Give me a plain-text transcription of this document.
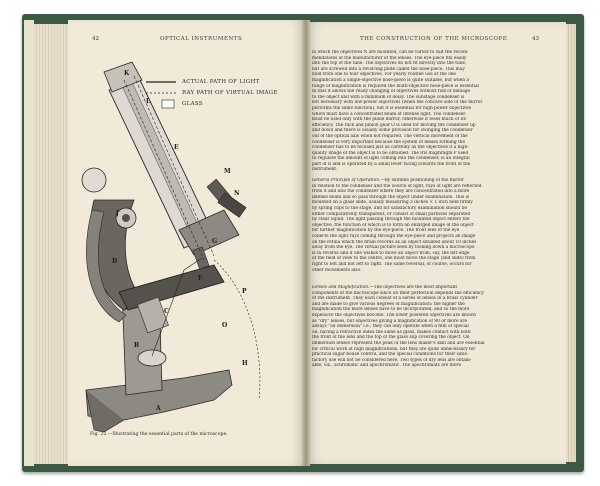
42	OPTICAL INSTRUMENTS
ACTUAL PATH OF LIGHT
RAY PATH OF VIRTUAL IMAGE
GLASS
K
L
E
J
D
M
N
G
F
P
C
B
O
H
A
Fig. 22.—Illustrating the essential parts of the microscope.
THE CONSTRUCTION OF THE MICROSCOPE	43
in which the objectives N are mounted, can be varied to suit the recom-
mendations of the manufacturer of the lenses. The eye-piece fits easily
into the top of the tube. The objectives do not fit directly into the tube,
but are screwed into a revolving plate called the nose-piece. This may
hold from one to four objectives. For yearly routine use at the one
magnification a single-objective nose-piece is quite suitable, but when a
range of magnification is required the multi-objective nose-piece is essential
in that it allows the ready changing of objectives without risk of damage
to the object and with a minimum of delay. The substage condenser is
not necessary with low-power objectives (when the concave side of the mirror
performs the same function), but it is essential for high-power objectives
which must have a concentrated beam of intense light. The condenser
must be used only with the plane mirror, otherwise it loses much of its
efficiency. The rack and pinion gear O is used for moving the condenser up
and down and there is usually some provision for swinging the condenser
out of the optical axis when not required. The vertical movement of the
condenser is very important because the system of lenses forming the
condenser has to be focused just as carefully as the objectives if a high-
quality image of the object is to be obtained. The iris diaphragm P used
to regulate the amount of light coming into the condenser, is an integral
part of it and is operated by a small lever facing towards the front of the
instrument.
General Principle of Operation.—By suitable positioning of the mirror
in relation to the condenser and the source of light, rays of light are reflected
from it and into the condenser where they are concentrated into a more
intense beam and so pass through the object under examination. This is
mounted on a glass slide, usually measuring 3 inches × 1 inch held firmly
by spring clips to the stage, and for satisfactory examination should be
either comparatively transparent, or consist of small particles separated
by clear liquid. The light passing through the mounted object enters the
objective, the function of which is to form an enlarged image of the object
for further magnification by the eye-piece. The front lens of the eye
collects the light rays coming through the eye-piece and projects an image
on the retina which the brain records as an object situated about 10 inches
away from the eye. The virtual picture seen by looking down a microscope
is in reverse and if one wishes to move an object from, say, the left edge
of the field of view to the centre, one must move the stage (and slide) from
right to left and not left to right. The same reversal, of course, occurs for
other movements also.
Lenses and Magnification.—The objectives are the most important
components of the microscope since on their perfection depends the efficiency
of the instrument. They each consist of a series of lenses in a brass cylinder
and are made to give various degrees of magnification: the higher the
magnification the more lenses have to be incorporated, and so the more
expensive the objectives become. The lower powered objectives are known
as "dry" lenses, but objectives giving a magnification of 90 or more are
always "oil immersion" i.e., they can only operate when a film of special
oil, having a refractive index the same as glass, makes contact with both
the front of the lens and the top of the glass slip covering the object. Oil
immersion lenses represent the peak of the lens maker's skill and are essential
for critical work at high magnifications, but they are quite unnecessary for
practical sugar-house control, and the special conditions for their satis-
factory use will not be considered here. Two types of dry lens are obtain-
able, viz., achromatic and apochromatic. The apochromats are more
